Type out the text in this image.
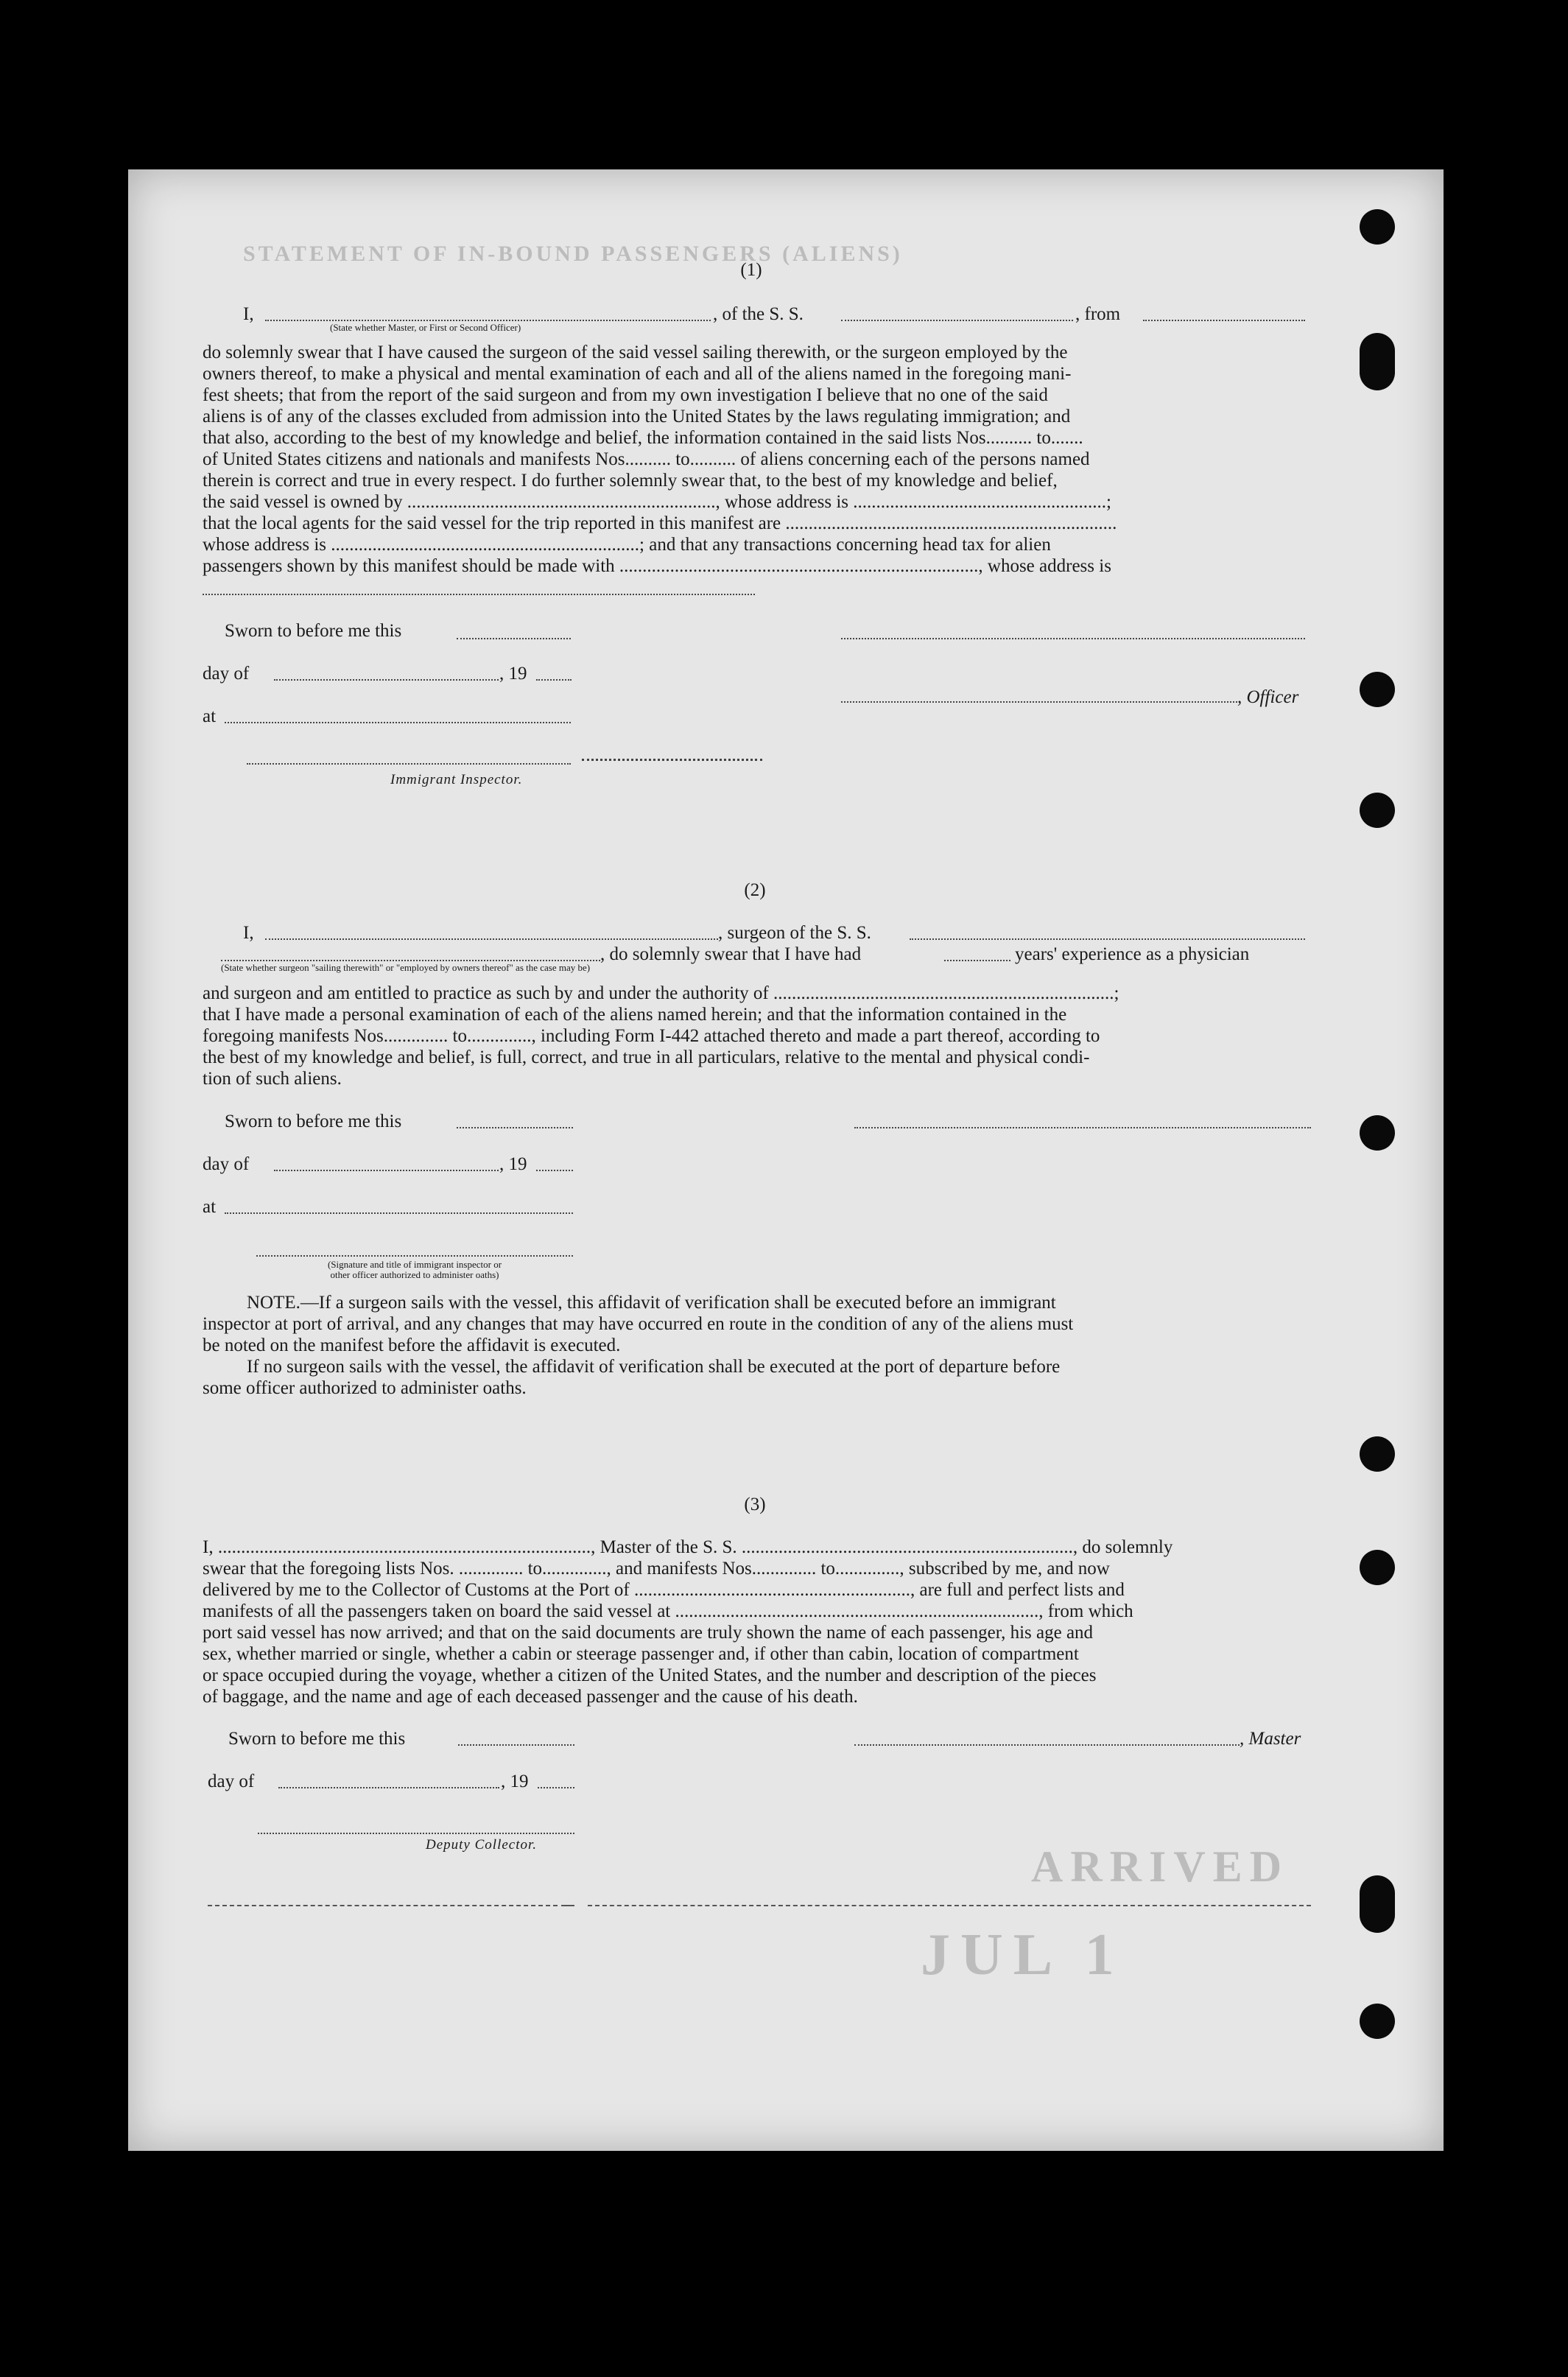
STATEMENT OF IN-BOUND PASSENGERS (ALIENS)
ARRIVED
JUL 1
(1)
I,	, of the S. S.	, from
(State whether Master, or First or Second Officer)
do solemnly swear that I have caused the surgeon of the said vessel sailing therewith, or the surgeon employed by the
owners thereof, to make a physical and mental examination of each and all of the aliens named in the foregoing mani-
fest sheets; that from the report of the said surgeon and from my own investigation I believe that no one of the said
aliens is of any of the classes excluded from admission into the United States by the laws regulating immigration; and
that also, according to the best of my knowledge and belief, the information contained in the said lists Nos.......... to.......
of United States citizens and nationals and manifests Nos.......... to.......... of aliens concerning each of the persons named
therein is correct and true in every respect. I do further solemnly swear that, to the best of my knowledge and belief,
the said vessel is owned by ..................................................................., whose address is .......................................................;
that the local agents for the said vessel for the trip reported in this manifest are ........................................................................
whose address is ...................................................................; and that any transactions concerning head tax for alien
passengers shown by this manifest should be made with .............................................................................., whose address is
Sworn to before me this
day of	, 19
, Officer
at
Immigrant Inspector.
(2)
I,	, surgeon of the S. S.
, do solemnly swear that I have had	years' experience as a physician
(State whether surgeon "sailing therewith" or "employed by owners thereof" as the case may be)
and surgeon and am entitled to practice as such by and under the authority of ..........................................................................;
that I have made a personal examination of each of the aliens named herein; and that the information contained in the
foregoing manifests Nos.............. to.............., including Form I-442 attached thereto and made a part thereof, according to
the best of my knowledge and belief, is full, correct, and true in all particulars, relative to the mental and physical condi-
tion of such aliens.
Sworn to before me this
day of	, 19
at
(Signature and title of immigrant inspector or
other officer authorized to administer oaths)
NOTE.—If a surgeon sails with the vessel, this affidavit of verification shall be executed before an immigrant
inspector at port of arrival, and any changes that may have occurred en route in the condition of any of the aliens must
be noted on the manifest before the affidavit is executed.
If no surgeon sails with the vessel, the affidavit of verification shall be executed at the port of departure before
some officer authorized to administer oaths.
(3)
I, ................................................................................., Master of the S. S. ........................................................................, do solemnly
swear that the foregoing lists Nos. .............. to.............., and manifests Nos.............. to.............., subscribed by me, and now
delivered by me to the Collector of Customs at the Port of ............................................................, are full and perfect lists and
manifests of all the passengers taken on board the said vessel at ..............................................................................., from which
port said vessel has now arrived; and that on the said documents are truly shown the name of each passenger, his age and
sex, whether married or single, whether a cabin or steerage passenger and, if other than cabin, location of compartment
or space occupied during the voyage, whether a citizen of the United States, and the number and description of the pieces
of baggage, and the name and age of each deceased passenger and the cause of his death.
Sworn to before me this	, Master
day of	, 19
Deputy Collector.
